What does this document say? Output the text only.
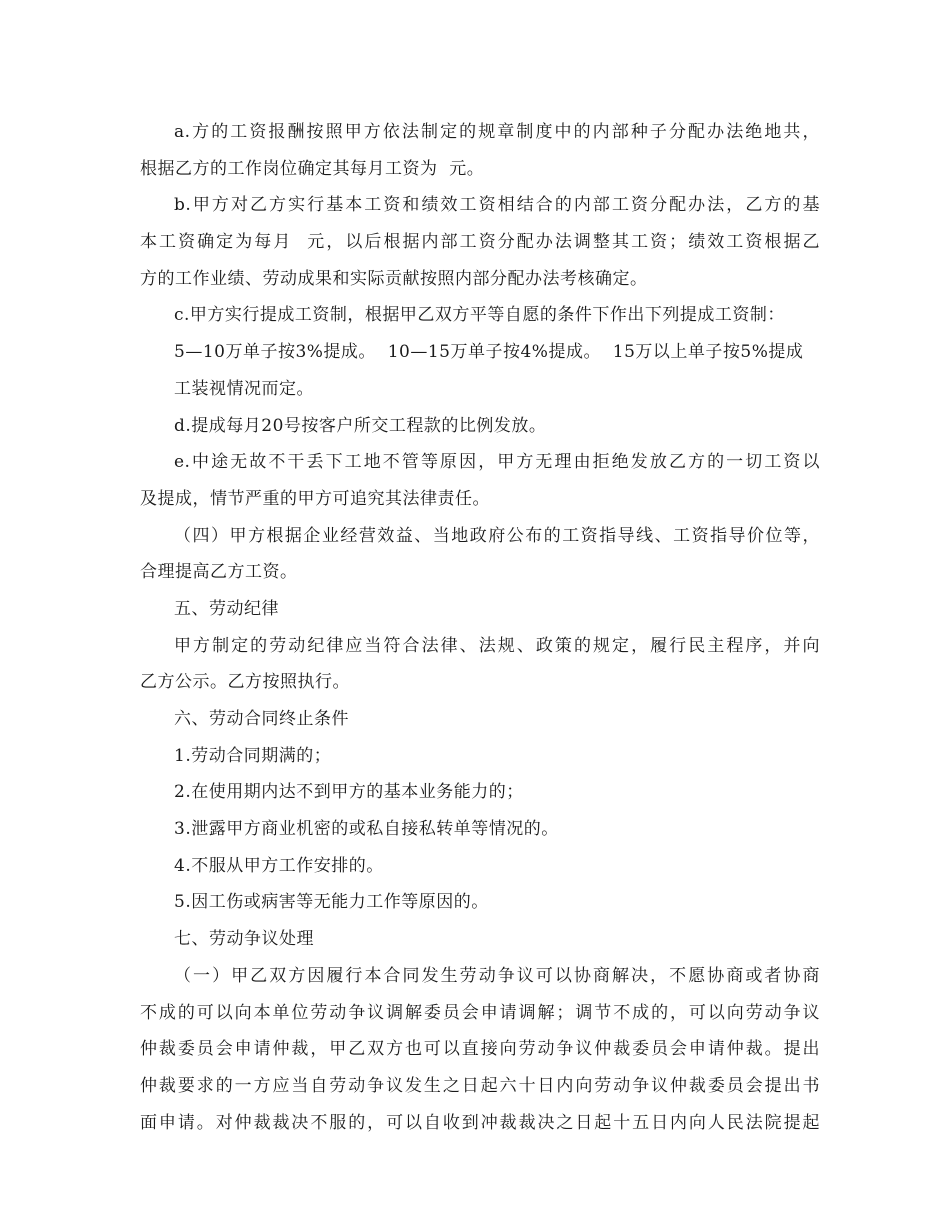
a.方的工资报酬按照甲方依法制定的规章制度中的内部种子分配办法绝地共，
根据乙方的工作岗位确定其每月工资为  元。
b.甲方对乙方实行基本工资和绩效工资相结合的内部工资分配办法，乙方的基
本工资确定为每月  元，以后根据内部工资分配办法调整其工资；绩效工资根据乙
方的工作业绩、劳动成果和实际贡献按照内部分配办法考核确定。
c.甲方实行提成工资制，根据甲乙双方平等自愿的条件下作出下列提成工资制：
5—10万单子按3%提成。  10—15万单子按4%提成。  15万以上单子按5%提成
工装视情况而定。
d.提成每月20号按客户所交工程款的比例发放。
e.中途无故不干丢下工地不管等原因，甲方无理由拒绝发放乙方的一切工资以
及提成，情节严重的甲方可追究其法律责任。
（四）甲方根据企业经营效益、当地政府公布的工资指导线、工资指导价位等，
合理提高乙方工资。
五、劳动纪律
甲方制定的劳动纪律应当符合法律、法规、政策的规定，履行民主程序，并向
乙方公示。乙方按照执行。
六、劳动合同终止条件
1.劳动合同期满的；
2.在使用期内达不到甲方的基本业务能力的；
3.泄露甲方商业机密的或私自接私转单等情况的。
4.不服从甲方工作安排的。
5.因工伤或病害等无能力工作等原因的。
七、劳动争议处理
（一）甲乙双方因履行本合同发生劳动争议可以协商解决，不愿协商或者协商
不成的可以向本单位劳动争议调解委员会申请调解；调节不成的，可以向劳动争议
仲裁委员会申请仲裁，甲乙双方也可以直接向劳动争议仲裁委员会申请仲裁。提出
仲裁要求的一方应当自劳动争议发生之日起六十日内向劳动争议仲裁委员会提出书
面申请。对仲裁裁决不服的，可以自收到冲裁裁决之日起十五日内向人民法院提起
